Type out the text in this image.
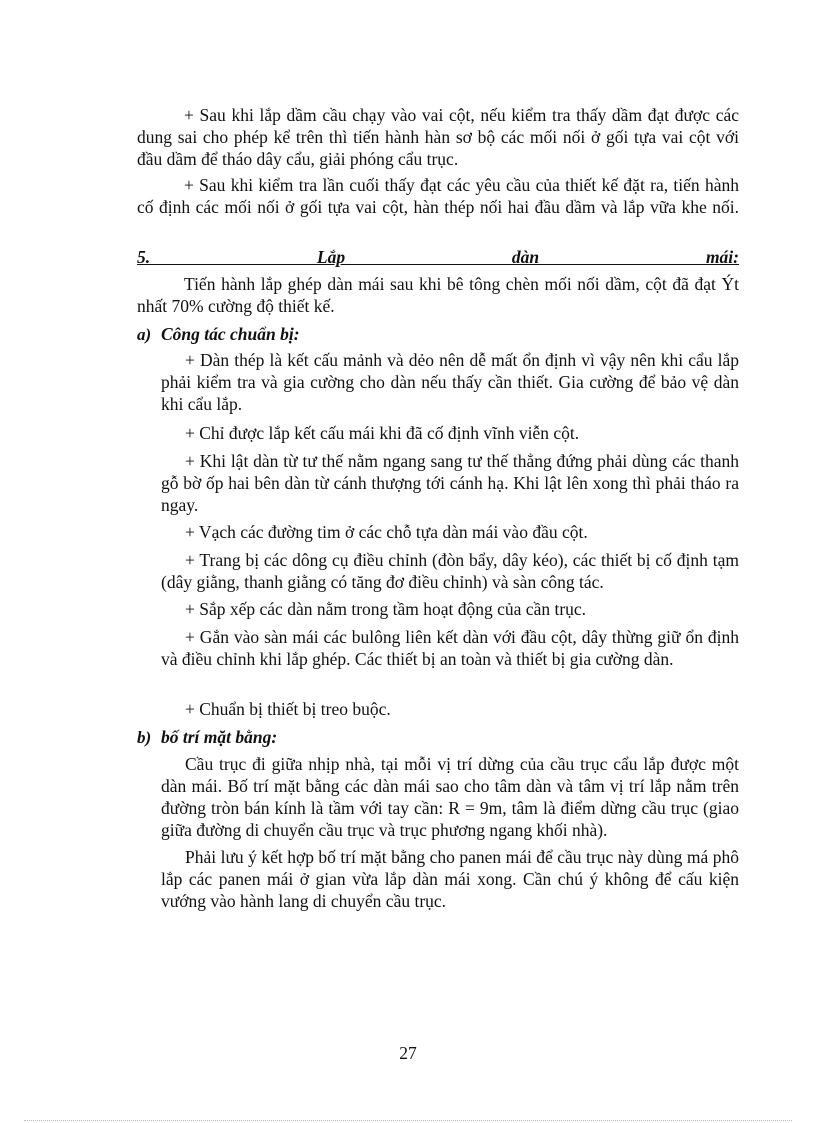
+ Sau khi lắp dầm cầu chạy vào vai cột, nếu kiểm tra thấy dầm đạt được các dung sai cho phép kể trên thì tiến hành hàn sơ bộ các mối nối ở gối tựa vai cột với đầu dầm để tháo dây cẩu, giải phóng cẩu trục.

+ Sau khi kiểm tra lần cuối thấy đạt các yêu cầu của thiết kế đặt ra, tiến hành cố định các mối nối ở gối tựa vai cột, hàn thép nối hai đầu dầm và lắp vữa khe nối.

5. Lắp dàn mái:

Tiến hành lắp ghép dàn mái sau khi bê tông chèn mối nối dầm, cột đã đạt Ýt nhất 70% cường độ thiết kế.

a) Công tác chuẩn bị:

+ Dàn thép là kết cấu mảnh và dẻo nên dễ mất ổn định vì vậy nên khi cẩu lắp phải kiểm tra và gia cường cho dàn nếu thấy cần thiết. Gia cường để bảo vệ dàn khi cẩu lắp.

+ Chỉ được lắp kết cấu mái khi đã cố định vĩnh viễn cột.

+ Khi lật dàn từ tư thế nằm ngang sang tư thế thẳng đứng phải dùng các thanh gỗ bờ ốp hai bên dàn từ cánh thượng tới cánh hạ. Khi lật lên xong thì phải tháo ra ngay.

+ Vạch các đường tim ở các chỗ tựa dàn mái vào đầu cột.

+ Trang bị các dông cụ điều chỉnh (đòn bẩy, dây kéo), các thiết bị cố định tạm (dây giằng, thanh giằng có tăng đơ điều chỉnh) và sàn công tác.

+ Sắp xếp các dàn nằm trong tầm hoạt động của cần trục.

+ Gắn vào sàn mái các bulông liên kết dàn với đầu cột, dây thừng giữ ổn định và điều chỉnh khi lắp ghép. Các thiết bị an toàn và thiết bị gia cường dàn.

+ Chuẩn bị thiết bị treo buộc.

b) bố trí mặt bằng:

Cầu trục đi giữa nhịp nhà, tại mỗi vị trí dừng của cầu trục cẩu lắp được một dàn mái. Bố trí mặt bằng các dàn mái sao cho tâm dàn và tâm vị trí lắp nằm trên đường tròn bán kính là tầm với tay cần: R = 9m, tâm là điểm dừng cầu trục (giao giữa đường di chuyển cầu trục và trục phương ngang khối nhà).

Phải lưu ý kết hợp bố trí mặt bằng cho panen mái để cầu trục này dùng má phô lắp các panen mái ở gian vừa lắp dàn mái xong. Cần chú ý không để cấu kiện vướng vào hành lang di chuyển cầu trục.

27
